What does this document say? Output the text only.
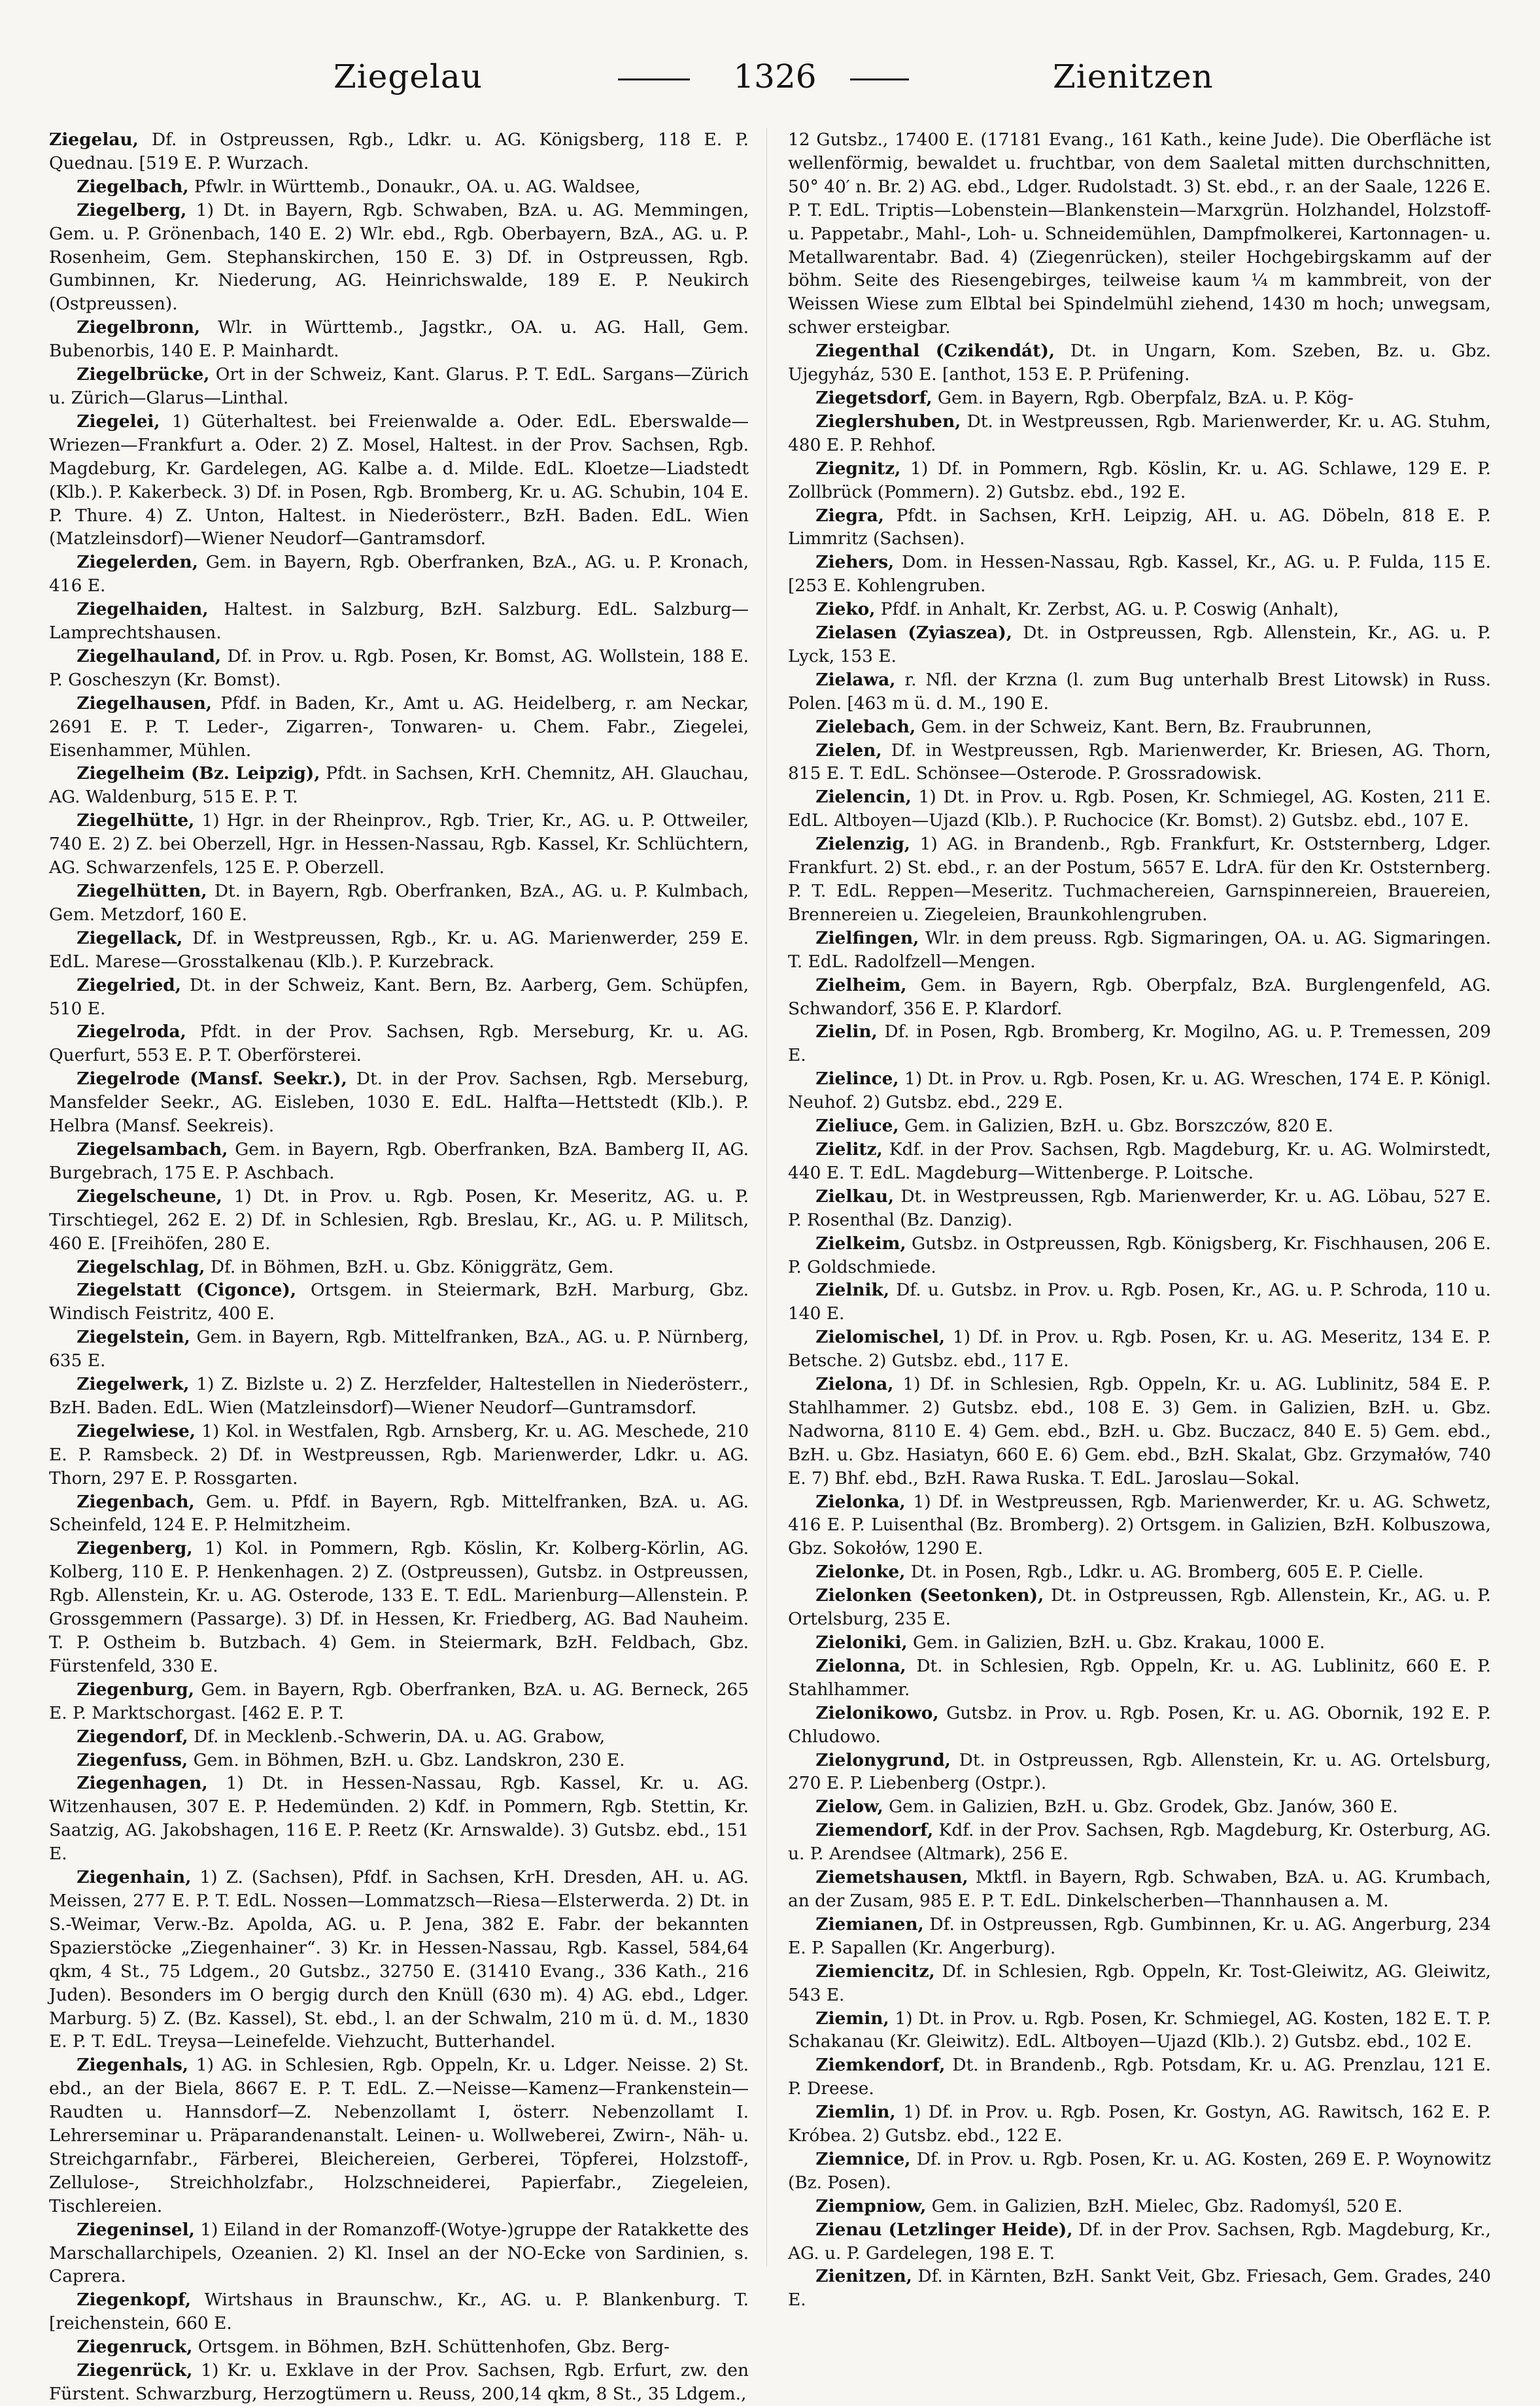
Ziegelau	1326	Zienitzen

Ziegelau, Df. in Ostpreussen, Rgb., Ldkr. u. AG. Königsberg, 118 E. P. Quednau. [519 E. P. Wurzach.

Ziegelbach, Pfwlr. in Württemb., Donaukr., OA. u. AG. Waldsee,

Ziegelberg, 1) Dt. in Bayern, Rgb. Schwaben, BzA. u. AG. Memmingen, Gem. u. P. Grönenbach, 140 E. 2) Wlr. ebd., Rgb. Oberbayern, BzA., AG. u. P. Rosenheim, Gem. Stephanskirchen, 150 E. 3) Df. in Ostpreussen, Rgb. Gumbinnen, Kr. Niederung, AG. Heinrichswalde, 189 E. P. Neukirch (Ostpreussen).

Ziegelbronn, Wlr. in Württemb., Jagstkr., OA. u. AG. Hall, Gem. Bubenorbis, 140 E. P. Mainhardt.

Ziegelbrücke, Ort in der Schweiz, Kant. Glarus. P. T. EdL. Sargans—Zürich u. Zürich—Glarus—Linthal.

Ziegelei, 1) Güterhaltest. bei Freienwalde a. Oder. EdL. Eberswalde—Wriezen—Frankfurt a. Oder. 2) Z. Mosel, Haltest. in der Prov. Sachsen, Rgb. Magdeburg, Kr. Gardelegen, AG. Kalbe a. d. Milde. EdL. Kloetze—Liadstedt (Klb.). P. Kakerbeck. 3) Df. in Posen, Rgb. Bromberg, Kr. u. AG. Schubin, 104 E. P. Thure. 4) Z. Unton, Haltest. in Niederösterr., BzH. Baden. EdL. Wien (Matzleinsdorf)—Wiener Neudorf—Gantramsdorf.

Ziegelerden, Gem. in Bayern, Rgb. Oberfranken, BzA., AG. u. P. Kronach, 416 E.

Ziegelhaiden, Haltest. in Salzburg, BzH. Salzburg. EdL. Salzburg—Lamprechtshausen.

Ziegelhauland, Df. in Prov. u. Rgb. Posen, Kr. Bomst, AG. Wollstein, 188 E. P. Goscheszyn (Kr. Bomst).

Ziegelhausen, Pfdf. in Baden, Kr., Amt u. AG. Heidelberg, r. am Neckar, 2691 E. P. T. Leder-, Zigarren-, Tonwaren- u. Chem. Fabr., Ziegelei, Eisenhammer, Mühlen.

Ziegelheim (Bz. Leipzig), Pfdt. in Sachsen, KrH. Chemnitz, AH. Glauchau, AG. Waldenburg, 515 E. P. T.

Ziegelhütte, 1) Hgr. in der Rheinprov., Rgb. Trier, Kr., AG. u. P. Ottweiler, 740 E. 2) Z. bei Oberzell, Hgr. in Hessen-Nassau, Rgb. Kassel, Kr. Schlüchtern, AG. Schwarzenfels, 125 E. P. Oberzell.

Ziegelhütten, Dt. in Bayern, Rgb. Oberfranken, BzA., AG. u. P. Kulmbach, Gem. Metzdorf, 160 E.

Ziegellack, Df. in Westpreussen, Rgb., Kr. u. AG. Marienwerder, 259 E. EdL. Marese—Grosstalkenau (Klb.). P. Kurzebrack.

Ziegelried, Dt. in der Schweiz, Kant. Bern, Bz. Aarberg, Gem. Schüpfen, 510 E.

Ziegelroda, Pfdt. in der Prov. Sachsen, Rgb. Merseburg, Kr. u. AG. Querfurt, 553 E. P. T. Oberförsterei.

Ziegelrode (Mansf. Seekr.), Dt. in der Prov. Sachsen, Rgb. Merseburg, Mansfelder Seekr., AG. Eisleben, 1030 E. EdL. Halfta—Hettstedt (Klb.). P. Helbra (Mansf. Seekreis).

Ziegelsambach, Gem. in Bayern, Rgb. Oberfranken, BzA. Bamberg II, AG. Burgebrach, 175 E. P. Aschbach.

Ziegelscheune, 1) Dt. in Prov. u. Rgb. Posen, Kr. Meseritz, AG. u. P. Tirschtiegel, 262 E. 2) Df. in Schlesien, Rgb. Breslau, Kr., AG. u. P. Militsch, 460 E. [Freihöfen, 280 E.

Ziegelschlag, Df. in Böhmen, BzH. u. Gbz. Königgrätz, Gem.

Ziegelstatt (Cigonce), Ortsgem. in Steiermark, BzH. Marburg, Gbz. Windisch Feistritz, 400 E.

Ziegelstein, Gem. in Bayern, Rgb. Mittelfranken, BzA., AG. u. P. Nürnberg, 635 E.

Ziegelwerk, 1) Z. Bizlste u. 2) Z. Herzfelder, Haltestellen in Niederösterr., BzH. Baden. EdL. Wien (Matzleinsdorf)—Wiener Neudorf—Guntramsdorf.

Ziegelwiese, 1) Kol. in Westfalen, Rgb. Arnsberg, Kr. u. AG. Meschede, 210 E. P. Ramsbeck. 2) Df. in Westpreussen, Rgb. Marienwerder, Ldkr. u. AG. Thorn, 297 E. P. Rossgarten.

Ziegenbach, Gem. u. Pfdf. in Bayern, Rgb. Mittelfranken, BzA. u. AG. Scheinfeld, 124 E. P. Helmitzheim.

Ziegenberg, 1) Kol. in Pommern, Rgb. Köslin, Kr. Kolberg-Körlin, AG. Kolberg, 110 E. P. Henkenhagen. 2) Z. (Ostpreussen), Gutsbz. in Ostpreussen, Rgb. Allenstein, Kr. u. AG. Osterode, 133 E. T. EdL. Marienburg—Allenstein. P. Grossgemmern (Passarge). 3) Df. in Hessen, Kr. Friedberg, AG. Bad Nauheim. T. P. Ostheim b. Butzbach. 4) Gem. in Steiermark, BzH. Feldbach, Gbz. Fürstenfeld, 330 E.

Ziegenburg, Gem. in Bayern, Rgb. Oberfranken, BzA. u. AG. Berneck, 265 E. P. Marktschorgast. [462 E. P. T.

Ziegendorf, Df. in Mecklenb.-Schwerin, DA. u. AG. Grabow,

Ziegenfuss, Gem. in Böhmen, BzH. u. Gbz. Landskron, 230 E.

Ziegenhagen, 1) Dt. in Hessen-Nassau, Rgb. Kassel, Kr. u. AG. Witzenhausen, 307 E. P. Hedemünden. 2) Kdf. in Pommern, Rgb. Stettin, Kr. Saatzig, AG. Jakobshagen, 116 E. P. Reetz (Kr. Arnswalde). 3) Gutsbz. ebd., 151 E.

Ziegenhain, 1) Z. (Sachsen), Pfdf. in Sachsen, KrH. Dresden, AH. u. AG. Meissen, 277 E. P. T. EdL. Nossen—Lommatzsch—Riesa—Elsterwerda. 2) Dt. in S.-Weimar, Verw.-Bz. Apolda, AG. u. P. Jena, 382 E. Fabr. der bekannten Spazierstöcke „Ziegenhainer“. 3) Kr. in Hessen-Nassau, Rgb. Kassel, 584,64 qkm, 4 St., 75 Ldgem., 20 Gutsbz., 32750 E. (31410 Evang., 336 Kath., 216 Juden). Besonders im O bergig durch den Knüll (630 m). 4) AG. ebd., Ldger. Marburg. 5) Z. (Bz. Kassel), St. ebd., l. an der Schwalm, 210 m ü. d. M., 1830 E. P. T. EdL. Treysa—Leinefelde. Viehzucht, Butterhandel.

Ziegenhals, 1) AG. in Schlesien, Rgb. Oppeln, Kr. u. Ldger. Neisse. 2) St. ebd., an der Biela, 8667 E. P. T. EdL. Z.—Neisse—Kamenz—Frankenstein—Raudten u. Hannsdorf—Z. Nebenzollamt I, österr. Nebenzollamt I. Lehrerseminar u. Präparandenanstalt. Leinen- u. Wollweberei, Zwirn-, Näh- u. Streichgarnfabr., Färberei, Bleichereien, Gerberei, Töpferei, Holzstoff-, Zellulose-, Streichholzfabr., Holzschneiderei, Papierfabr., Ziegeleien, Tischlereien.

Ziegeninsel, 1) Eiland in der Romanzoff-(Wotye-)gruppe der Ratakkette des Marschallarchipels, Ozeanien. 2) Kl. Insel an der NO-Ecke von Sardinien, s. Caprera.

Ziegenkopf, Wirtshaus in Braunschw., Kr., AG. u. P. Blankenburg. T. [reichenstein, 660 E.

Ziegenruck, Ortsgem. in Böhmen, BzH. Schüttenhofen, Gbz. Berg-

Ziegenrück, 1) Kr. u. Exklave in der Prov. Sachsen, Rgb. Erfurt, zw. den Fürstent. Schwarzburg, Herzogtümern u. Reuss, 200,14 qkm, 8 St., 35 Ldgem.,

12 Gutsbz., 17400 E. (17181 Evang., 161 Kath., keine Jude). Die Oberfläche ist wellenförmig, bewaldet u. fruchtbar, von dem Saaletal mitten durchschnitten, 50° 40′ n. Br. 2) AG. ebd., Ldger. Rudolstadt. 3) St. ebd., r. an der Saale, 1226 E. P. T. EdL. Triptis—Lobenstein—Blankenstein—Marxgrün. Holzhandel, Holzstoff- u. Pappetabr., Mahl-, Loh- u. Schneidemühlen, Dampfmolkerei, Kartonnagen- u. Metallwarentabr. Bad. 4) (Ziegenrücken), steiler Hochgebirgskamm auf der böhm. Seite des Riesengebirges, teilweise kaum ¼ m kammbreit, von der Weissen Wiese zum Elbtal bei Spindelmühl ziehend, 1430 m hoch; unwegsam, schwer ersteigbar.

Ziegenthal (Czikendát), Dt. in Ungarn, Kom. Szeben, Bz. u. Gbz. Ujegyház, 530 E. [anthot, 153 E. P. Prüfening.

Ziegetsdorf, Gem. in Bayern, Rgb. Oberpfalz, BzA. u. P. Kög-

Zieglershuben, Dt. in Westpreussen, Rgb. Marienwerder, Kr. u. AG. Stuhm, 480 E. P. Rehhof.

Ziegnitz, 1) Df. in Pommern, Rgb. Köslin, Kr. u. AG. Schlawe, 129 E. P. Zollbrück (Pommern). 2) Gutsbz. ebd., 192 E.

Ziegra, Pfdt. in Sachsen, KrH. Leipzig, AH. u. AG. Döbeln, 818 E. P. Limmritz (Sachsen).

Ziehers, Dom. in Hessen-Nassau, Rgb. Kassel, Kr., AG. u. P. Fulda, 115 E. [253 E. Kohlengruben.

Zieko, Pfdf. in Anhalt, Kr. Zerbst, AG. u. P. Coswig (Anhalt),

Zielasen (Zyiaszea), Dt. in Ostpreussen, Rgb. Allenstein, Kr., AG. u. P. Lyck, 153 E.

Zielawa, r. Nfl. der Krzna (l. zum Bug unterhalb Brest Litowsk) in Russ. Polen. [463 m ü. d. M., 190 E.

Zielebach, Gem. in der Schweiz, Kant. Bern, Bz. Fraubrunnen,

Zielen, Df. in Westpreussen, Rgb. Marienwerder, Kr. Briesen, AG. Thorn, 815 E. T. EdL. Schönsee—Osterode. P. Grossradowisk.

Zielencin, 1) Dt. in Prov. u. Rgb. Posen, Kr. Schmiegel, AG. Kosten, 211 E. EdL. Altboyen—Ujazd (Klb.). P. Ruchocice (Kr. Bomst). 2) Gutsbz. ebd., 107 E.

Zielenzig, 1) AG. in Brandenb., Rgb. Frankfurt, Kr. Oststernberg, Ldger. Frankfurt. 2) St. ebd., r. an der Postum, 5657 E. LdrA. für den Kr. Oststernberg. P. T. EdL. Reppen—Meseritz. Tuchmachereien, Garnspinnereien, Brauereien, Brennereien u. Ziegeleien, Braunkohlengruben.

Zielfingen, Wlr. in dem preuss. Rgb. Sigmaringen, OA. u. AG. Sigmaringen. T. EdL. Radolfzell—Mengen.

Zielheim, Gem. in Bayern, Rgb. Oberpfalz, BzA. Burglengenfeld, AG. Schwandorf, 356 E. P. Klardorf.

Zielin, Df. in Posen, Rgb. Bromberg, Kr. Mogilno, AG. u. P. Tremessen, 209 E.

Zielince, 1) Dt. in Prov. u. Rgb. Posen, Kr. u. AG. Wreschen, 174 E. P. Königl. Neuhof. 2) Gutsbz. ebd., 229 E.

Zieliuce, Gem. in Galizien, BzH. u. Gbz. Borszczów, 820 E.

Zielitz, Kdf. in der Prov. Sachsen, Rgb. Magdeburg, Kr. u. AG. Wolmirstedt, 440 E. T. EdL. Magdeburg—Wittenberge. P. Loitsche.

Zielkau, Dt. in Westpreussen, Rgb. Marienwerder, Kr. u. AG. Löbau, 527 E. P. Rosenthal (Bz. Danzig).

Zielkeim, Gutsbz. in Ostpreussen, Rgb. Königsberg, Kr. Fischhausen, 206 E. P. Goldschmiede.

Zielnik, Df. u. Gutsbz. in Prov. u. Rgb. Posen, Kr., AG. u. P. Schroda, 110 u. 140 E.

Zielomischel, 1) Df. in Prov. u. Rgb. Posen, Kr. u. AG. Meseritz, 134 E. P. Betsche. 2) Gutsbz. ebd., 117 E.

Zielona, 1) Df. in Schlesien, Rgb. Oppeln, Kr. u. AG. Lublinitz, 584 E. P. Stahlhammer. 2) Gutsbz. ebd., 108 E. 3) Gem. in Galizien, BzH. u. Gbz. Nadworna, 8110 E. 4) Gem. ebd., BzH. u. Gbz. Buczacz, 840 E. 5) Gem. ebd., BzH. u. Gbz. Hasiatyn, 660 E. 6) Gem. ebd., BzH. Skalat, Gbz. Grzymałów, 740 E. 7) Bhf. ebd., BzH. Rawa Ruska. T. EdL. Jaroslau—Sokal.

Zielonka, 1) Df. in Westpreussen, Rgb. Marienwerder, Kr. u. AG. Schwetz, 416 E. P. Luisenthal (Bz. Bromberg). 2) Ortsgem. in Galizien, BzH. Kolbuszowa, Gbz. Sokołów, 1290 E.

Zielonke, Dt. in Posen, Rgb., Ldkr. u. AG. Bromberg, 605 E. P. Cielle.

Zielonken (Seetonken), Dt. in Ostpreussen, Rgb. Allenstein, Kr., AG. u. P. Ortelsburg, 235 E.

Zieloniki, Gem. in Galizien, BzH. u. Gbz. Krakau, 1000 E.

Zielonna, Dt. in Schlesien, Rgb. Oppeln, Kr. u. AG. Lublinitz, 660 E. P. Stahlhammer.

Zielonikowo, Gutsbz. in Prov. u. Rgb. Posen, Kr. u. AG. Obornik, 192 E. P. Chludowo.

Zielonygrund, Dt. in Ostpreussen, Rgb. Allenstein, Kr. u. AG. Ortelsburg, 270 E. P. Liebenberg (Ostpr.).

Zielow, Gem. in Galizien, BzH. u. Gbz. Grodek, Gbz. Janów, 360 E.

Ziemendorf, Kdf. in der Prov. Sachsen, Rgb. Magdeburg, Kr. Osterburg, AG. u. P. Arendsee (Altmark), 256 E.

Ziemetshausen, Mktfl. in Bayern, Rgb. Schwaben, BzA. u. AG. Krumbach, an der Zusam, 985 E. P. T. EdL. Dinkelscherben—Thannhausen a. M.

Ziemianen, Df. in Ostpreussen, Rgb. Gumbinnen, Kr. u. AG. Angerburg, 234 E. P. Sapallen (Kr. Angerburg).

Ziemiencitz, Df. in Schlesien, Rgb. Oppeln, Kr. Tost-Gleiwitz, AG. Gleiwitz, 543 E.

Ziemin, 1) Dt. in Prov. u. Rgb. Posen, Kr. Schmiegel, AG. Kosten, 182 E. T. P. Schakanau (Kr. Gleiwitz). EdL. Altboyen—Ujazd (Klb.). 2) Gutsbz. ebd., 102 E.

Ziemkendorf, Dt. in Brandenb., Rgb. Potsdam, Kr. u. AG. Prenzlau, 121 E. P. Dreese.

Ziemlin, 1) Df. in Prov. u. Rgb. Posen, Kr. Gostyn, AG. Rawitsch, 162 E. P. Króbea. 2) Gutsbz. ebd., 122 E.

Ziemnice, Df. in Prov. u. Rgb. Posen, Kr. u. AG. Kosten, 269 E. P. Woynowitz (Bz. Posen).

Ziempniow, Gem. in Galizien, BzH. Mielec, Gbz. Radomyśl, 520 E.

Zienau (Letzlinger Heide), Df. in der Prov. Sachsen, Rgb. Magdeburg, Kr., AG. u. P. Gardelegen, 198 E. T.

Zienitzen, Df. in Kärnten, BzH. Sankt Veit, Gbz. Friesach, Gem. Grades, 240 E.
